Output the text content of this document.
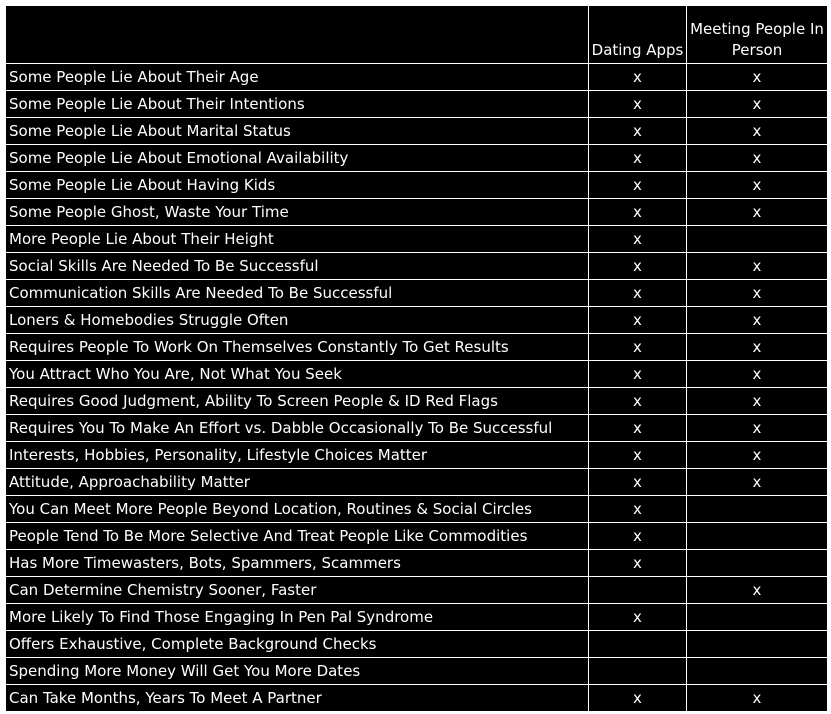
	Dating Apps	Meeting People In Person
Some People Lie About Their Age	x	x
Some People Lie About Their Intentions	x	x
Some People Lie About Marital Status	x	x
Some People Lie About Emotional Availability	x	x
Some People Lie About Having Kids	x	x
Some People Ghost, Waste Your Time	x	x
More People Lie About Their Height	x	
Social Skills Are Needed To Be Successful	x	x
Communication Skills Are Needed To Be Successful	x	x
Loners & Homebodies Struggle Often	x	x
Requires People To Work On Themselves Constantly To Get Results	x	x
You Attract Who You Are, Not What You Seek	x	x
Requires Good Judgment, Ability To Screen People & ID Red Flags	x	x
Requires You To Make An Effort vs. Dabble Occasionally To Be Successful	x	x
Interests, Hobbies, Personality, Lifestyle Choices Matter	x	x
Attitude, Approachability Matter	x	x
You Can Meet More People Beyond Location, Routines & Social Circles	x	
People Tend To Be More Selective And Treat People Like Commodities	x	
Has More Timewasters, Bots, Spammers, Scammers	x	
Can Determine Chemistry Sooner, Faster		x
More Likely To Find Those Engaging In Pen Pal Syndrome	x	
Offers Exhaustive, Complete Background Checks		
Spending More Money Will Get You More Dates		
Can Take Months, Years To Meet A Partner	x	x
